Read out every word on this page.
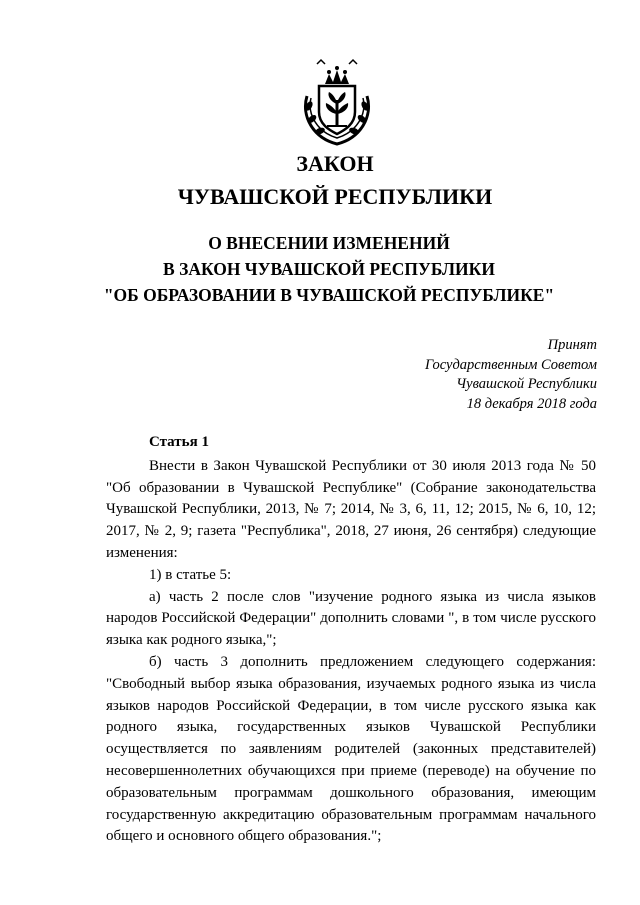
ЗАКОН
ЧУВАШСКОЙ РЕСПУБЛИКИ
О ВНЕСЕНИИ ИЗМЕНЕНИЙ
В ЗАКОН ЧУВАШСКОЙ РЕСПУБЛИКИ
"ОБ ОБРАЗОВАНИИ В ЧУВАШСКОЙ РЕСПУБЛИКЕ"
Принят
Государственным Советом
Чувашской Республики
18 декабря 2018 года
Статья 1

Внести в Закон Чувашской Республики от 30 июля 2013 года № 50 "Об образовании в Чувашской Республике" (Собрание законодательства Чувашской Республики, 2013, № 7; 2014, № 3, 6, 11, 12; 2015, № 6, 10, 12; 2017, № 2, 9; газета "Республика", 2018, 27 июня, 26 сентября) следующие изменения:

1) в статье 5:

а) часть 2 после слов "изучение родного языка из числа языков народов Российской Федерации" дополнить словами ", в том числе русского языка как родного языка,";

б) часть 3 дополнить предложением следующего содержания: "Свободный выбор языка образования, изучаемых родного языка из числа языков народов Российской Федерации, в том числе русского языка как родного языка, государственных языков Чувашской Республики осуществляется по заявлениям родителей (законных представителей) несовершеннолетних обучающихся при приеме (переводе) на обучение по образовательным программам дошкольного образования, имеющим государственную аккредитацию образовательным программам начального общего и основного общего образования.";
